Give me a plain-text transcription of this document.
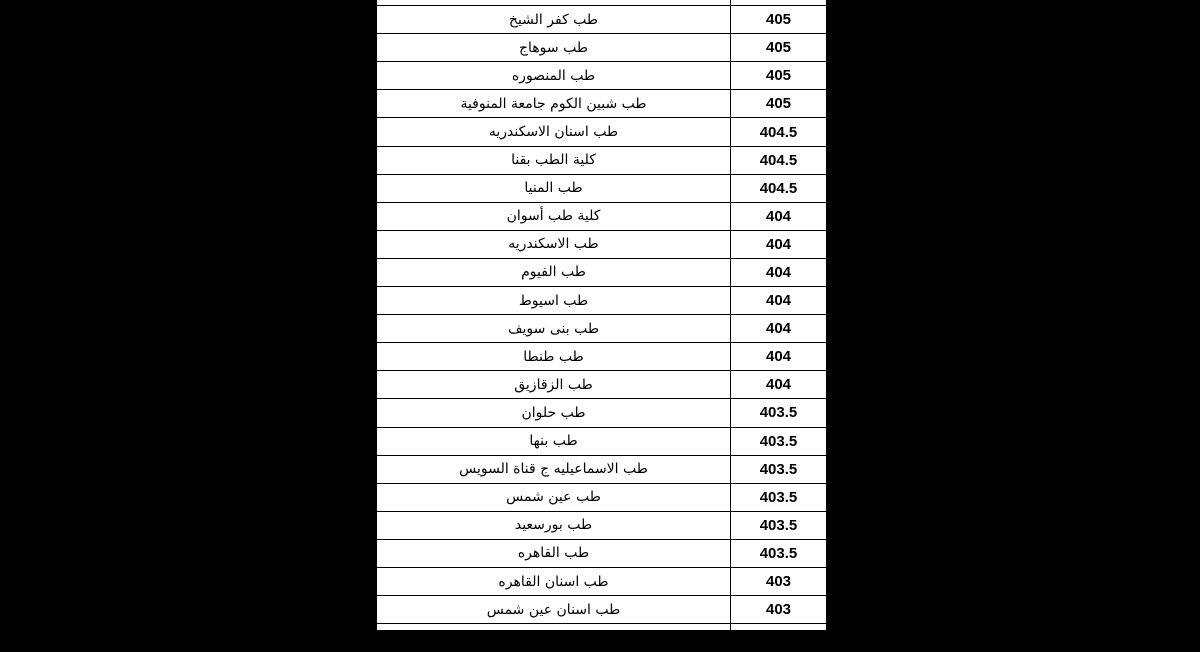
طب كفر الشيخ	405
طب سوهاج	405
طب المنصوره	405
طب شبين الكوم جامعة المنوفية	405
طب اسنان الاسكندريه	404.5
كلية الطب بقنا	404.5
طب المنيا	404.5
كلية طب أسوان	404
طب الاسكندريه	404
طب الفيوم	404
طب اسيوط	404
طب بنى سويف	404
طب طنطا	404
طب الزقازيق	404
طب حلوان	403.5
طب بنها	403.5
طب الاسماعيليه ج قناة السويس	403.5
طب عين شمس	403.5
طب بورسعيد	403.5
طب القاهره	403.5
طب اسنان القاهره	403
طب اسنان عين شمس	403
	403
